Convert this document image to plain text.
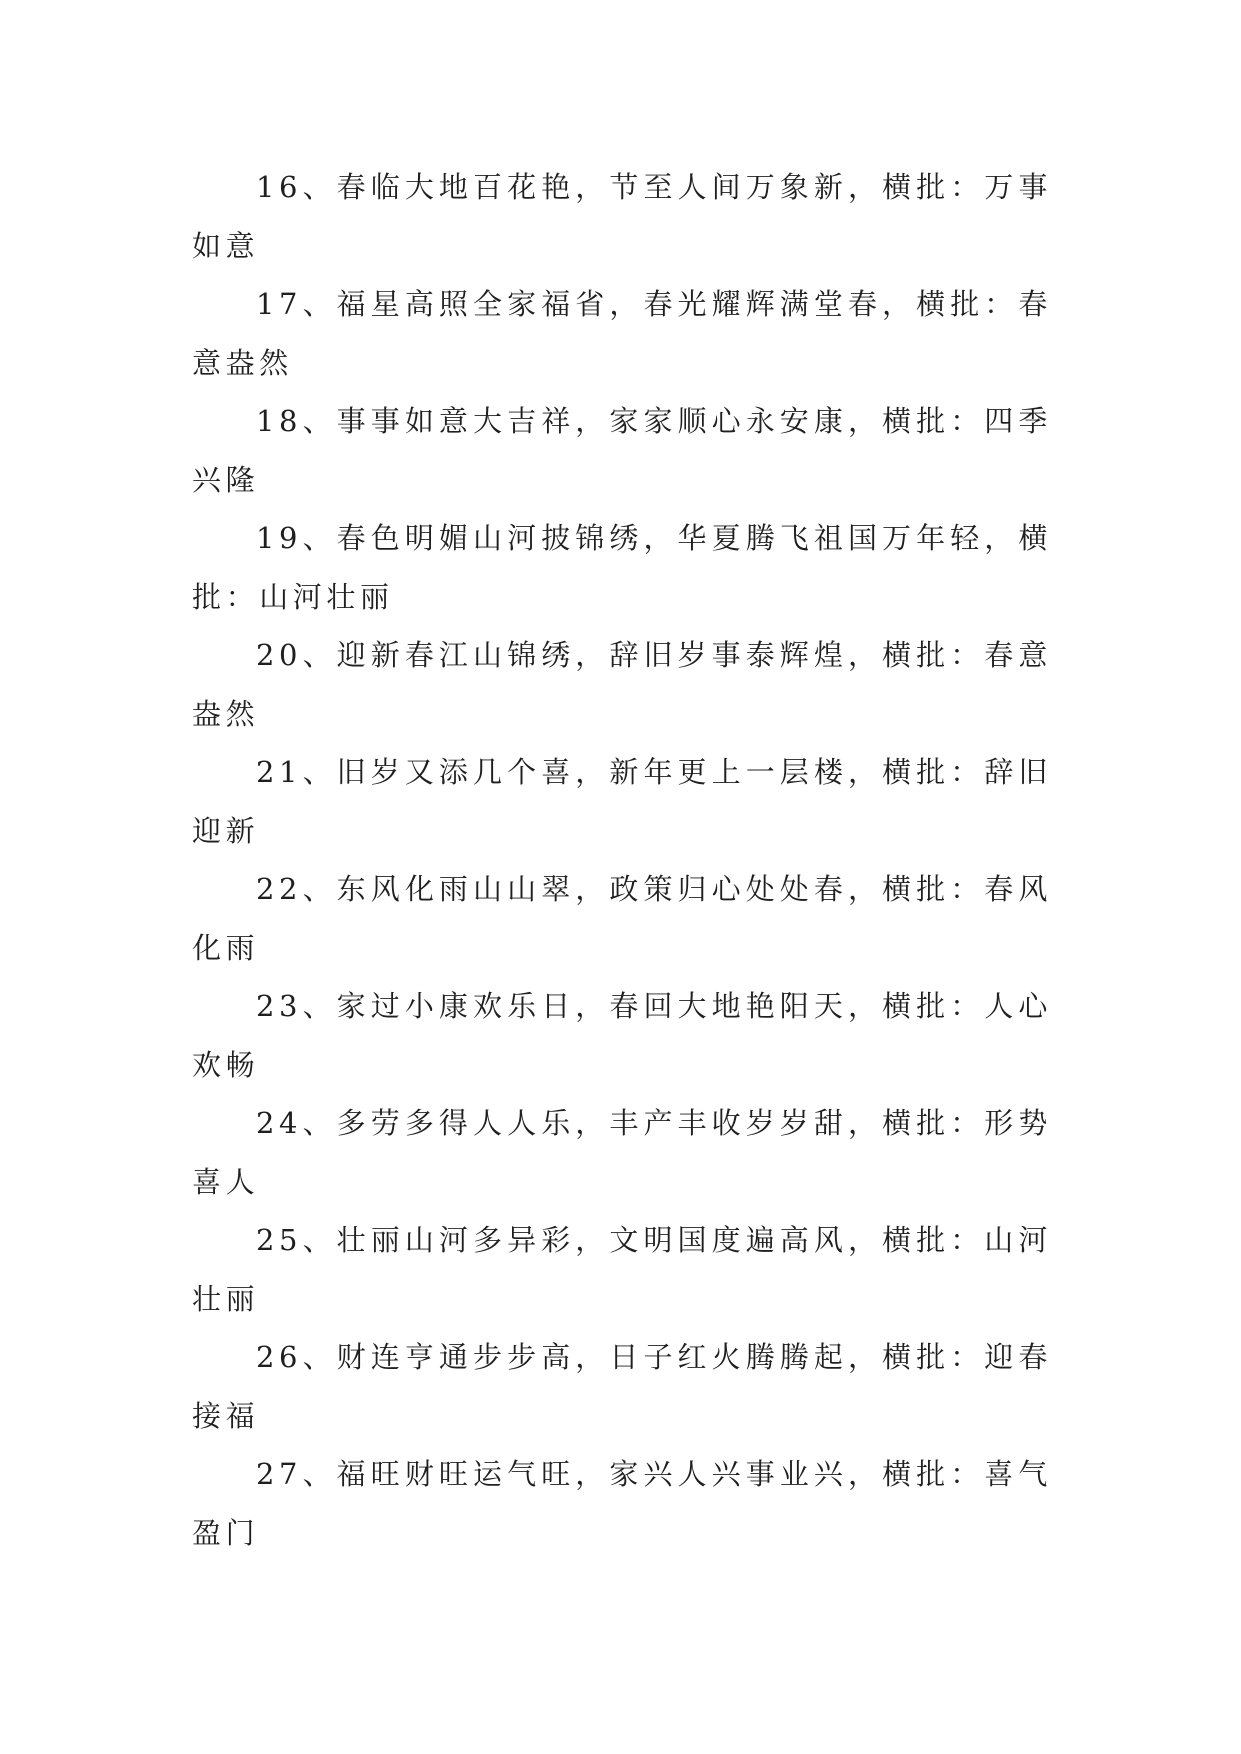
16、春临大地百花艳，节至人间万象新，横批：万事如意

17、福星高照全家福省，春光耀辉满堂春，横批：春意盎然

18、事事如意大吉祥，家家顺心永安康，横批：四季兴隆

19、春色明媚山河披锦绣，华夏腾飞祖国万年轻，横批：山河壮丽

20、迎新春江山锦绣，辞旧岁事泰辉煌，横批：春意盎然

21、旧岁又添几个喜，新年更上一层楼，横批：辞旧迎新

22、东风化雨山山翠，政策归心处处春，横批：春风化雨

23、家过小康欢乐日，春回大地艳阳天，横批：人心欢畅

24、多劳多得人人乐，丰产丰收岁岁甜，横批：形势喜人

25、壮丽山河多异彩，文明国度遍高风，横批：山河壮丽

26、财连亨通步步高，日子红火腾腾起，横批：迎春接福

27、福旺财旺运气旺，家兴人兴事业兴，横批：喜气盈门
